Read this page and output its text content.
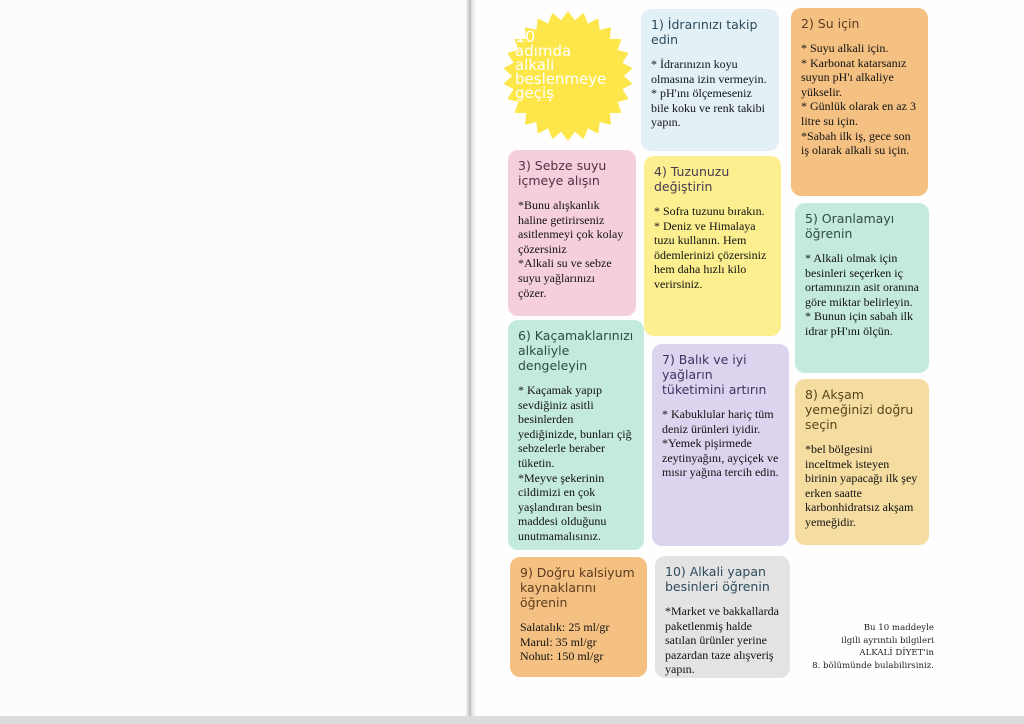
10
adımda
alkali
beslenmeye
geçiş
1) İdrarınızı takip edin
* İdrarınızın koyu olmasına izin vermeyin.
* pH'ını ölçemeseniz bile koku ve renk takibi yapın.
2) Su için
* Suyu alkali için.
* Karbonat katarsanız suyun pH'ı alkaliye yükselir.
* Günlük olarak en az 3 litre su için.
*Sabah ilk iş, gece son iş olarak alkali su için.
3) Sebze suyu içmeye alışın
*Bunu alışkanlık haline getirirseniz asitlenmeyi çok kolay çözersiniz
*Alkali su ve sebze suyu yağlarınızı çözer.
4) Tuzunuzu değiştirin
* Sofra tuzunu bırakın.
* Deniz ve Himalaya tuzu kullanın. Hem ödemlerinizi çözersiniz hem daha hızlı kilo verirsiniz.
5) Oranlamayı öğrenin
* Alkali olmak için besinleri seçerken iç ortamınızın asit oranına göre miktar belirleyin.
* Bunun için sabah ilk idrar pH'ını ölçün.
6) Kaçamaklarınızı alkaliyle dengeleyin
* Kaçamak yapıp sevdiğiniz asitli besinlerden yediğinizde, bunları çiğ sebzelerle beraber tüketin.
*Meyve şekerinin cildimizi en çok yaşlandıran besin maddesi olduğunu unutmamalısınız.
7) Balık ve iyi yağların tüketimini artırın
* Kabuklular hariç tüm deniz ürünleri iyidir.
*Yemek pişirmede zeytinyağını, ayçiçek ve mısır yağına tercih edin.
8) Akşam yemeğinizi doğru seçin
*bel bölgesini inceltmek isteyen birinin yapacağı ilk şey erken saatte karbonhidratsız akşam yemeğidir.
9) Doğru kalsiyum kaynaklarını öğrenin
Salatalık: 25 ml/gr
Marul: 35 ml/gr
Nohut: 150 ml/gr
10) Alkali yapan besinleri öğrenin
*Market ve bakkallarda paketlenmiş halde satılan ürünler yerine pazardan taze alışveriş yapın.
Bu 10 maddeyle
ilgili ayrıntılı bilgileri
ALKALİ DİYET'in
8. bölümünde bulabilirsiniz.
